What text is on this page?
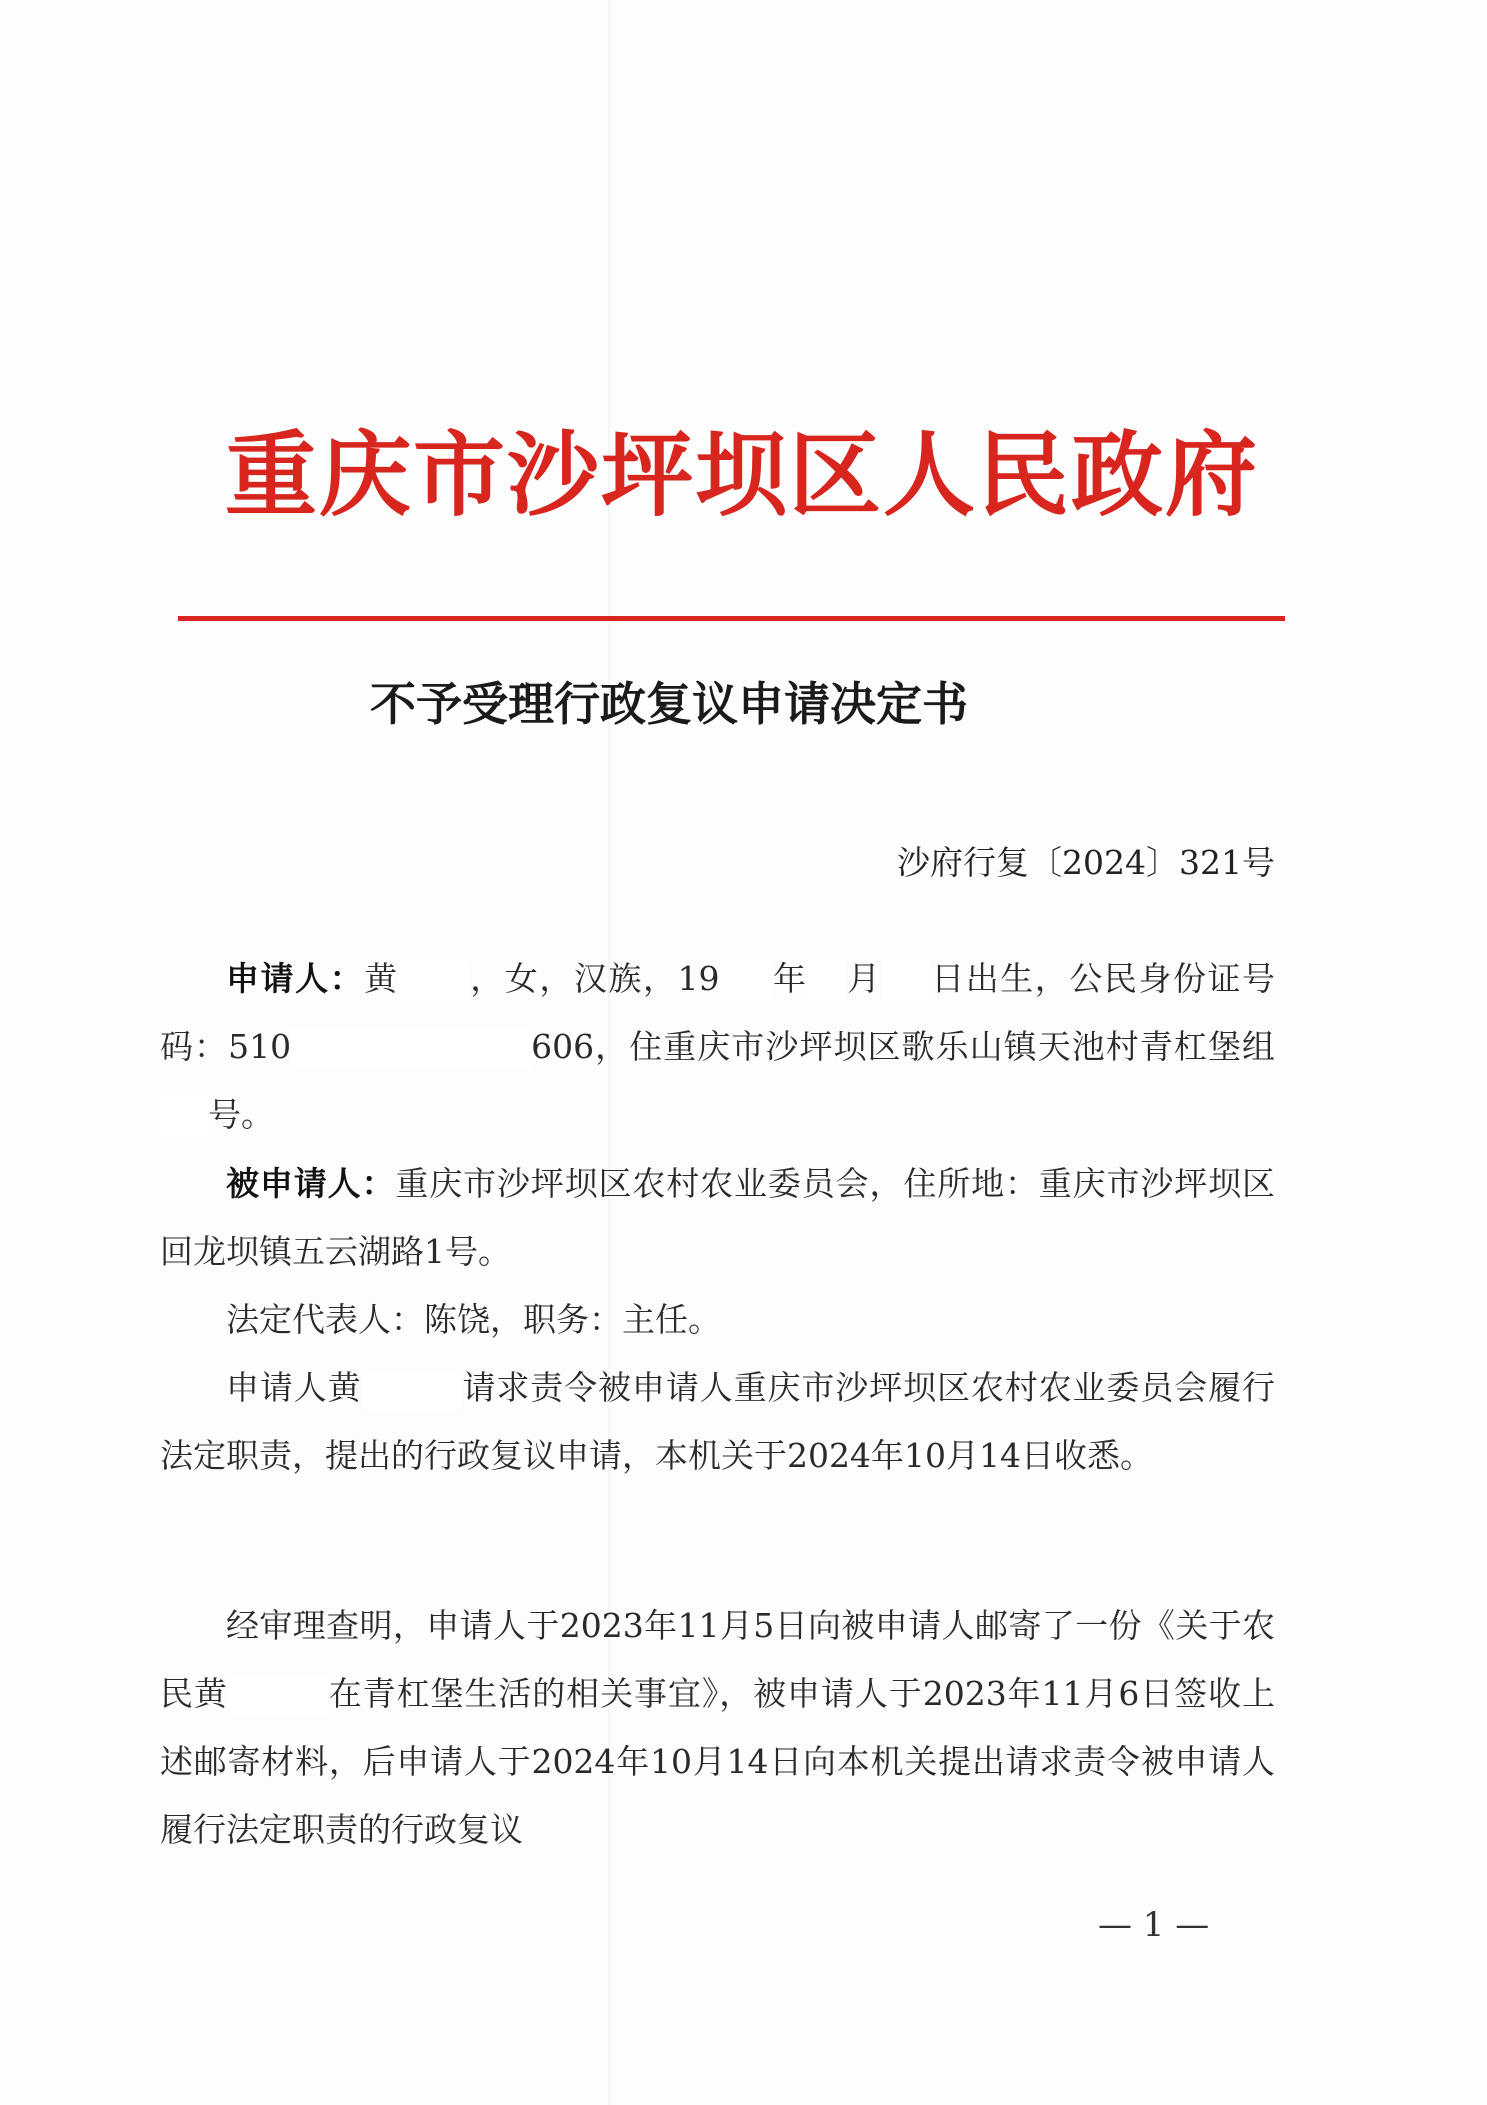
重庆市沙坪坝区人民政府
不予受理行政复议申请决定书
沙府行复〔2024〕321号

申请人：黄 ，女，汉族，19 年 月 日出生，公民身份证号码：510	606，住重庆市沙坪坝区歌乐山镇天池村青杠堡组号。

被申请人：重庆市沙坪坝区农村农业委员会，住所地：重庆市沙坪坝区回龙坝镇五云湖路1号。

法定代表人：陈饶，职务：主任。

申请人黄	请求责令被申请人重庆市沙坪坝区农村农业委员会履行法定职责，提出的行政复议申请，本机关于2024年10月14日收悉。

经审理查明，申请人于2023年11月5日向被申请人邮寄了一份《关于农民黄	在青杠堡生活的相关事宜》，被申请人于2023年11月6日签收上述邮寄材料，后申请人于2024年10月14日向本机关提出请求责令被申请人履行法定职责的行政复议

— 1 —
